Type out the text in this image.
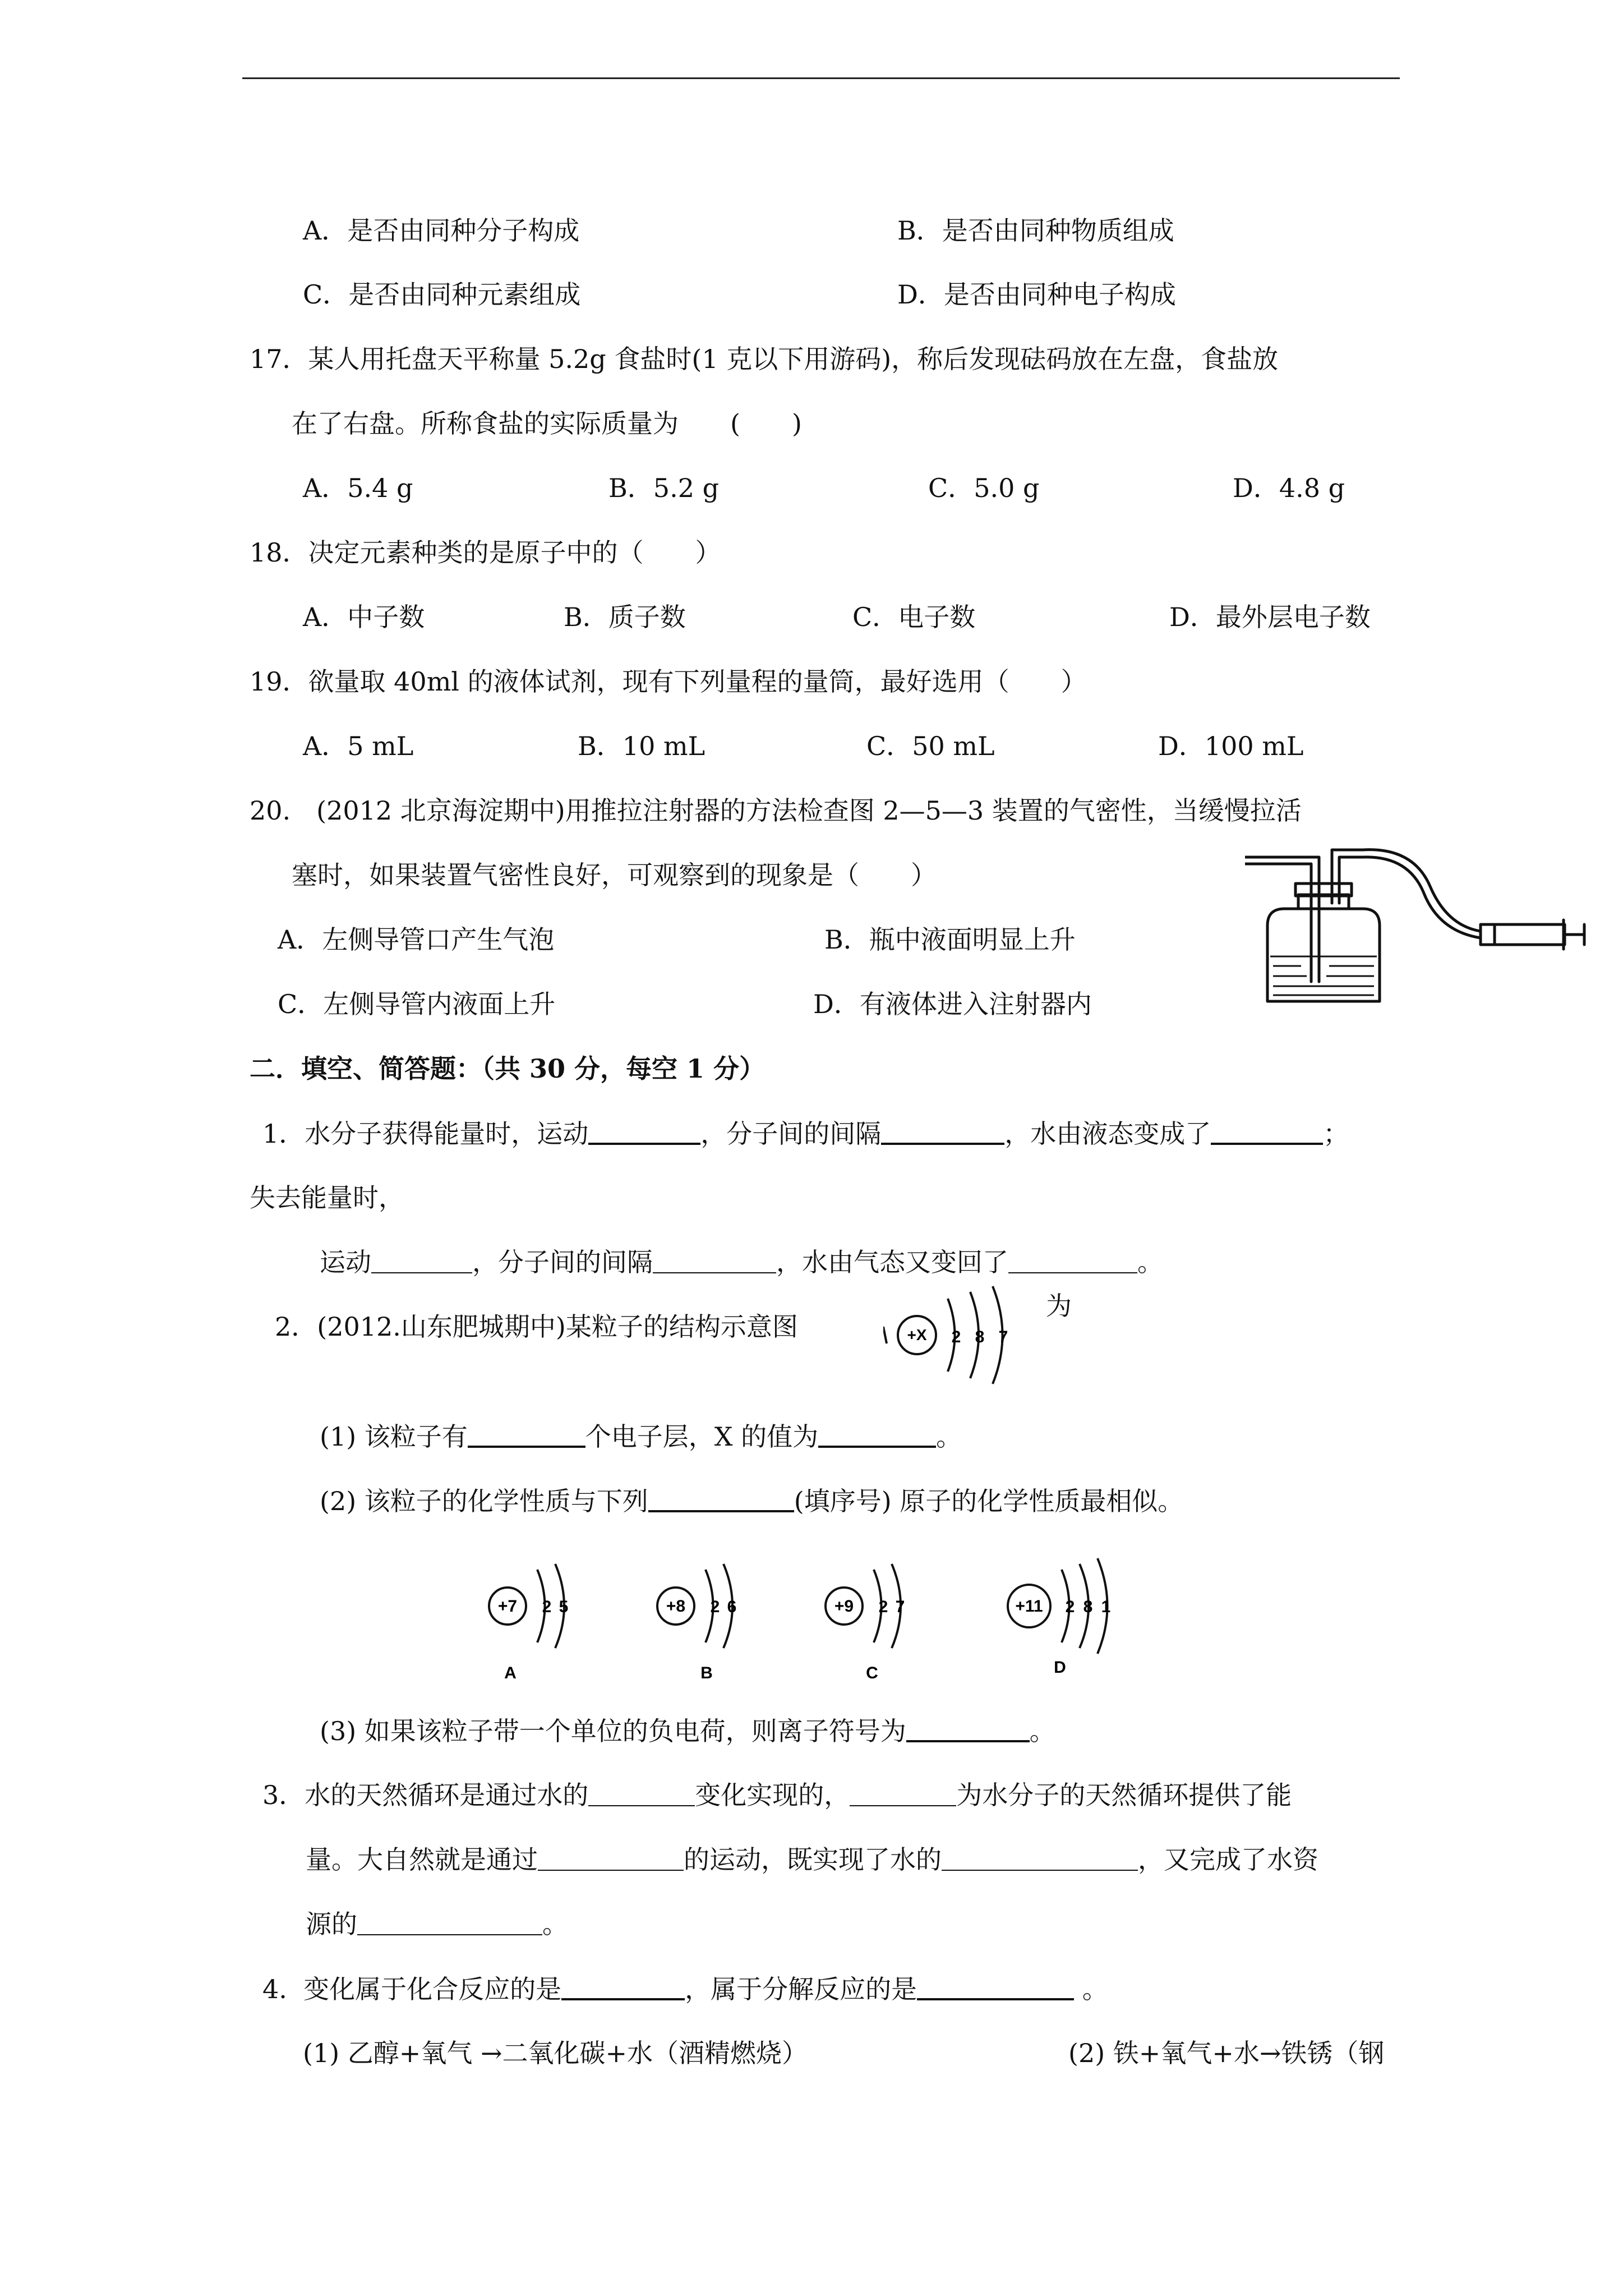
A．是否由同种分子构成	B．是否由同种物质组成
C．是否由同种元素组成	D．是否由同种电子构成
17．某人用托盘天平称量 5.2g 食盐时(1 克以下用游码)，称后发现砝码放在左盘，食盐放
在了右盘。所称食盐的实际质量为　　(　　)
A．5.4 g	B．5.2 g	C．5.0 g	D．4.8 g
18．决定元素种类的是原子中的（　　）
A．中子数	B．质子数	C．电子数	D．最外层电子数
19．欲量取 40ml 的液体试剂，现有下列量程的量筒，最好选用（　　）
A．5 mL	B．10 mL	C．50 mL	D．100 mL
20.　(2012 北京海淀期中)用推拉注射器的方法检查图 2—5—3 装置的气密性，当缓慢拉活
塞时，如果装置气密性良好，可观察到的现象是（　　）
A．左侧导管口产生气泡	B．瓶中液面明显上升
C．左侧导管内液面上升	D．有液体进入注射器内
二．填空、简答题：（共 30 分，每空 1 分）
1．水分子获得能量时，运动	，分子间的间隔	，水由液态变成了	；
失去能量时，
运动	，分子间的间隔	，水由气态又变回了	。
2．(2012.山东肥城期中)某粒子的结构示意图	+X 2 8 7
为
(1) 该粒子有	个电子层，X 的值为	。
(2) 该粒子的化学性质与下列	(填序号) 原子的化学性质最相似。
+7 2 5
A
+8 2 6
B
+9 2 7
C
+11 2 8 1
D
(3) 如果该粒子带一个单位的负电荷，则离子符号为	。
3．水的天然循环是通过水的	变化实现的，	为水分子的天然循环提供了能
量。大自然就是通过	的运动，既实现了水的	，又完成了水资
源的	。
4.  变化属于化合反应的是	，属于分解反应的是	。
(1) 乙醇+氧气 →二氧化碳+水（酒精燃烧）	(2) 铁+氧气+水→铁锈（钢
